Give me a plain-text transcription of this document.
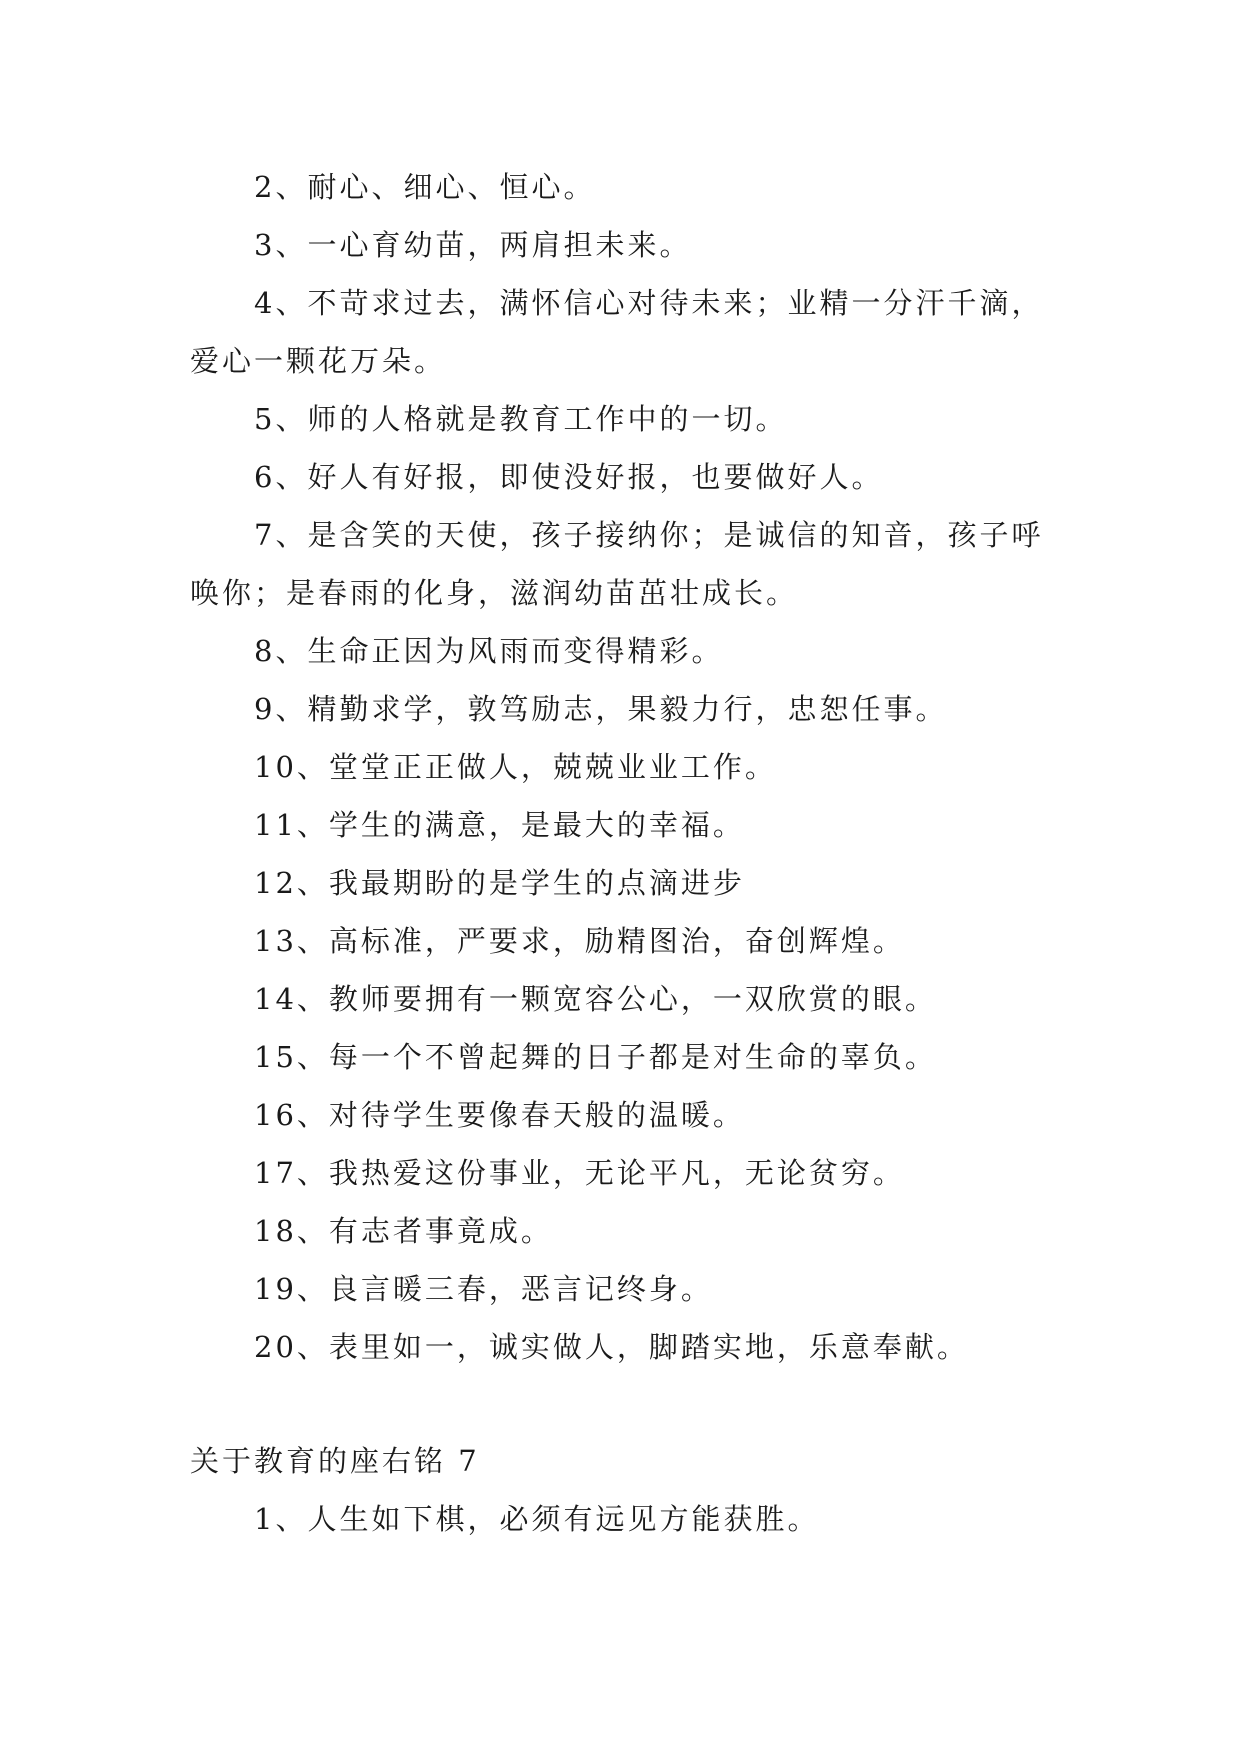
2、耐心、细心、恒心。

3、一心育幼苗，两肩担未来。

4、不苛求过去，满怀信心对待未来；业精一分汗千滴，爱心一颗花万朵。

5、师的人格就是教育工作中的一切。

6、好人有好报，即使没好报，也要做好人。

7、是含笑的天使，孩子接纳你；是诚信的知音，孩子呼唤你；是春雨的化身，滋润幼苗茁壮成长。

8、生命正因为风雨而变得精彩。

9、精勤求学，敦笃励志，果毅力行，忠恕任事。

10、堂堂正正做人，兢兢业业工作。

11、学生的满意，是最大的幸福。

12、我最期盼的是学生的点滴进步

13、高标准，严要求，励精图治，奋创辉煌。

14、教师要拥有一颗宽容公心，一双欣赏的眼。

15、每一个不曾起舞的日子都是对生命的辜负。

16、对待学生要像春天般的温暖。

17、我热爱这份事业，无论平凡，无论贫穷。

18、有志者事竟成。

19、良言暖三春，恶言记终身。

20、表里如一，诚实做人，脚踏实地，乐意奉献。

关于教育的座右铭 7

1、人生如下棋，必须有远见方能获胜。
